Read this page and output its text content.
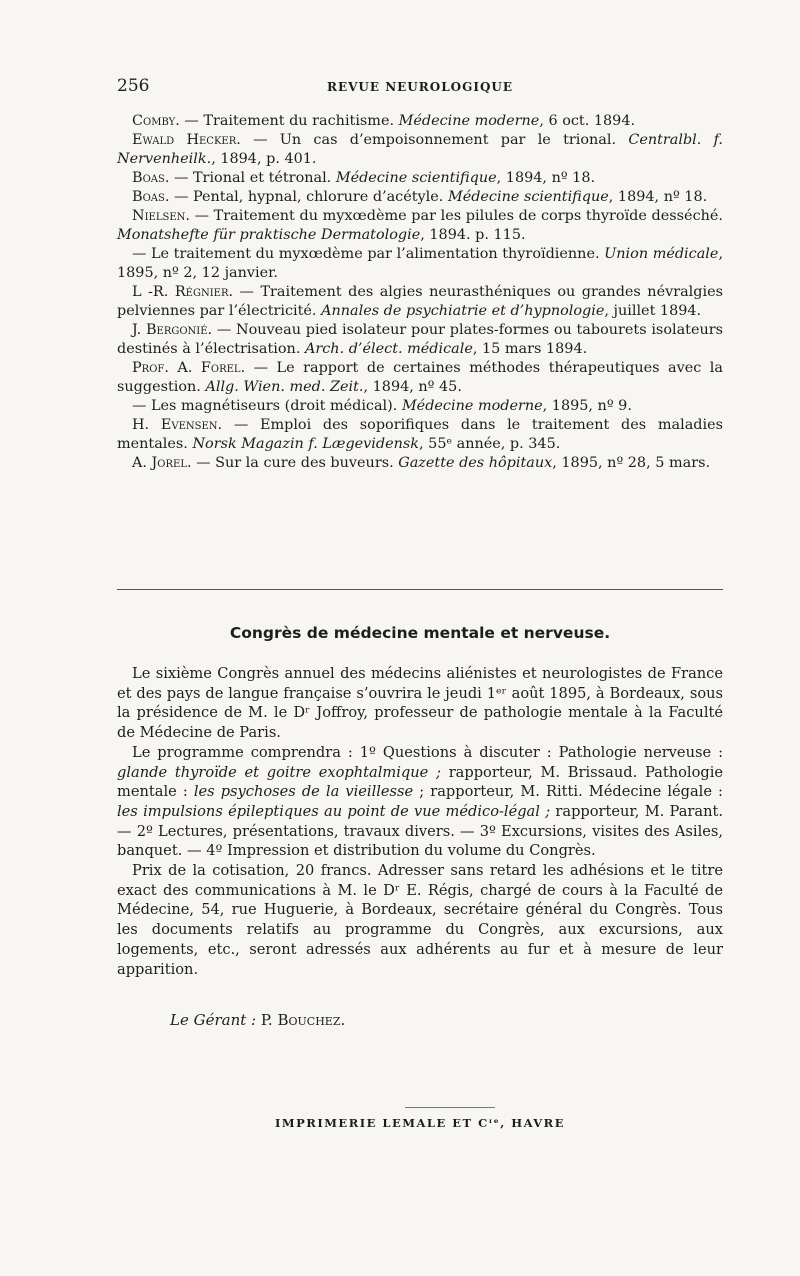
256	REVUE NEUROLOGIQUE

Comby. — Traitement du rachitisme. Médecine moderne, 6 oct. 1894.

Ewald Hecker. — Un cas d’empoisonnement par le trional. Centralbl. f. Nervenheilk., 1894, p. 401.

Boas. — Trional et tétronal. Médecine scientifique, 1894, nº 18.

Boas. — Pental, hypnal, chlorure d’acétyle. Médecine scientifique, 1894, nº 18.

Nielsen. — Traitement du myxœdème par les pilules de corps thyroïde desséché. Monatshefte für praktische Dermatologie, 1894. p. 115.

— Le traitement du myxœdème par l’alimentation thyroïdienne. Union médicale, 1895, nº 2, 12 janvier.

L -R. Régnier. — Traitement des algies neurasthéniques ou grandes névralgies pelviennes par l’électricité. Annales de psychiatrie et d’hypnologie, juillet 1894.

J. Bergonié. — Nouveau pied isolateur pour plates-formes ou tabourets isolateurs destinés à l’électrisation. Arch. d’élect. médicale, 15 mars 1894.

Prof. A. Forel. — Le rapport de certaines méthodes thérapeutiques avec la suggestion. Allg. Wien. med. Zeit., 1894, nº 45.

— Les magnétiseurs (droit médical). Médecine moderne, 1895, nº 9.

H. Evensen. — Emploi des soporifiques dans le traitement des maladies mentales. Norsk Magazin f. Lægevidensk, 55ᵉ année, p. 345.

A. Jorel. — Sur la cure des buveurs. Gazette des hôpitaux, 1895, nº 28, 5 mars.

Congrès de médecine mentale et nerveuse.

Le sixième Congrès annuel des médecins aliénistes et neurologistes de France et des pays de langue française s’ouvrira le jeudi 1ᵉʳ août 1895, à Bordeaux, sous la présidence de M. le Dʳ Joffroy, professeur de pathologie mentale à la Faculté de Médecine de Paris.

Le programme comprendra : 1º Questions à discuter : Pathologie nerveuse : glande thyroïde et goitre exophtalmique ; rapporteur, M. Brissaud. Pathologie mentale : les psychoses de la vieillesse ; rapporteur, M. Ritti. Médecine légale : les impulsions épileptiques au point de vue médico-légal ; rapporteur, M. Parant. — 2º Lectures, présentations, travaux divers. — 3º Excursions, visites des Asiles, banquet. — 4º Impression et distribution du volume du Congrès.

Prix de la cotisation, 20 francs. Adresser sans retard les adhésions et le titre exact des communications à M. le Dʳ E. Régis, chargé de cours à la Faculté de Médecine, 54, rue Huguerie, à Bordeaux, secrétaire général du Congrès. Tous les documents relatifs au programme du Congrès, aux excursions, aux logements, etc., seront adressés aux adhérents au fur et à mesure de leur apparition.

Le Gérant : P. Bouchez.
IMPRIMERIE LEMALE ET Cᶦᵉ, HAVRE
